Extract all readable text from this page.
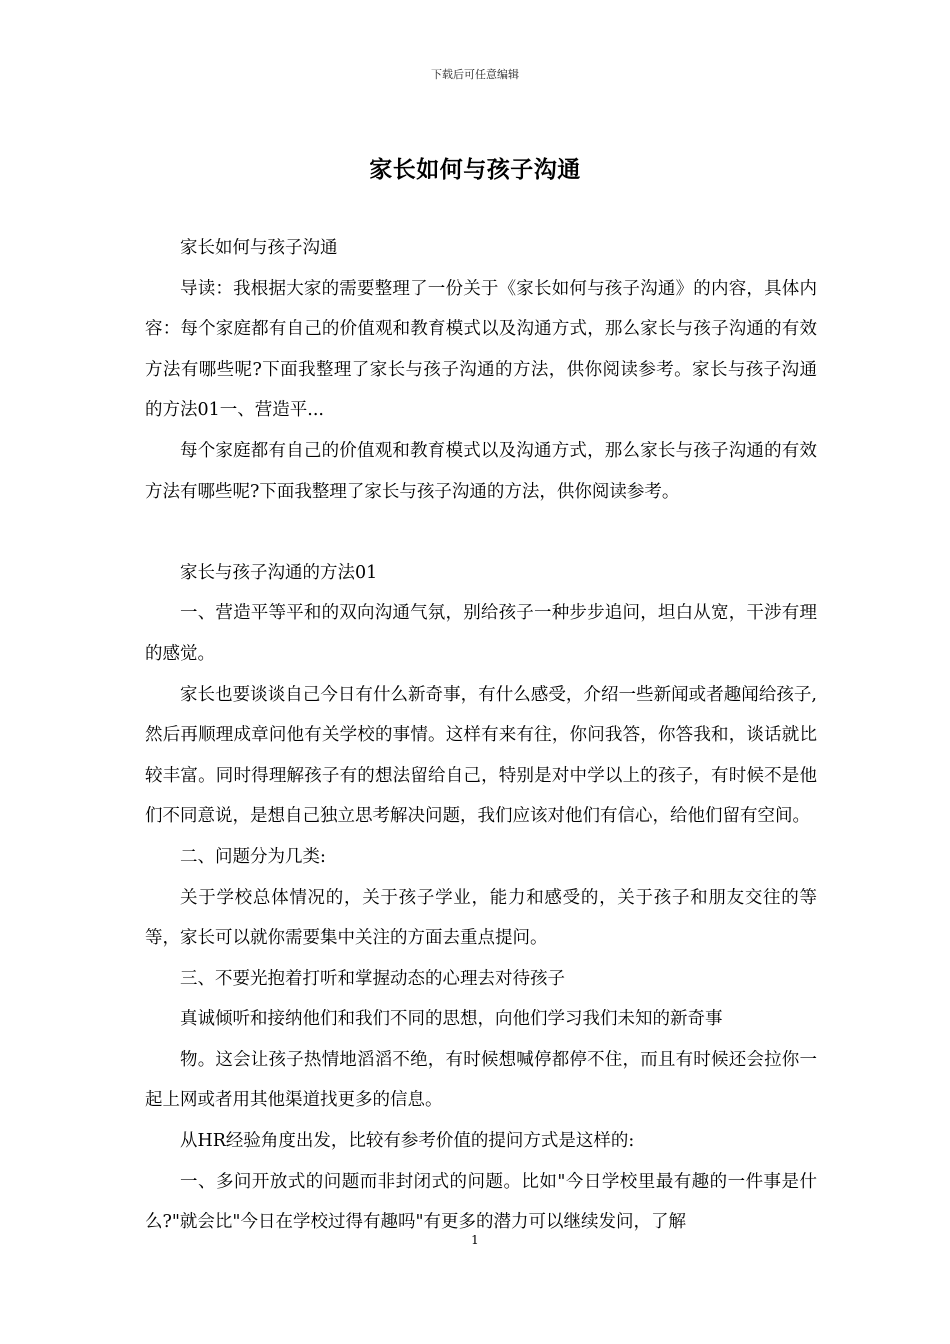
下载后可任意编辑
家长如何与孩子沟通

家长如何与孩子沟通

导读：我根据大家的需要整理了一份关于《家长如何与孩子沟通》的内容，具体内容：每个家庭都有自己的价值观和教育模式以及沟通方式，那么家长与孩子沟通的有效方法有哪些呢?下面我整理了家长与孩子沟通的方法，供你阅读参考。家长与孩子沟通的方法01一、营造平...

每个家庭都有自己的价值观和教育模式以及沟通方式，那么家长与孩子沟通的有效方法有哪些呢?下面我整理了家长与孩子沟通的方法，供你阅读参考。

家长与孩子沟通的方法01

一、营造平等平和的双向沟通气氛，别给孩子一种步步追问，坦白从宽，干涉有理的感觉。

家长也要谈谈自己今日有什么新奇事，有什么感受，介绍一些新闻或者趣闻给孩子,然后再顺理成章问他有关学校的事情。这样有来有往，你问我答，你答我和，谈话就比较丰富。同时得理解孩子有的想法留给自己，特别是对中学以上的孩子，有时候不是他们不同意说，是想自己独立思考解决问题，我们应该对他们有信心，给他们留有空间。

二、问题分为几类:

关于学校总体情况的，关于孩子学业，能力和感受的，关于孩子和朋友交往的等等，家长可以就你需要集中关注的方面去重点提问。

三、不要光抱着打听和掌握动态的心理去对待孩子

真诚倾听和接纳他们和我们不同的思想，向他们学习我们未知的新奇事

物。这会让孩子热情地滔滔不绝，有时候想喊停都停不住，而且有时候还会拉你一起上网或者用其他渠道找更多的信息。

从HR经验角度出发，比较有参考价值的提问方式是这样的:

一、多问开放式的问题而非封闭式的问题。比如"今日学校里最有趣的一件事是什么?"就会比"今日在学校过得有趣吗"有更多的潜力可以继续发问，了解

1
